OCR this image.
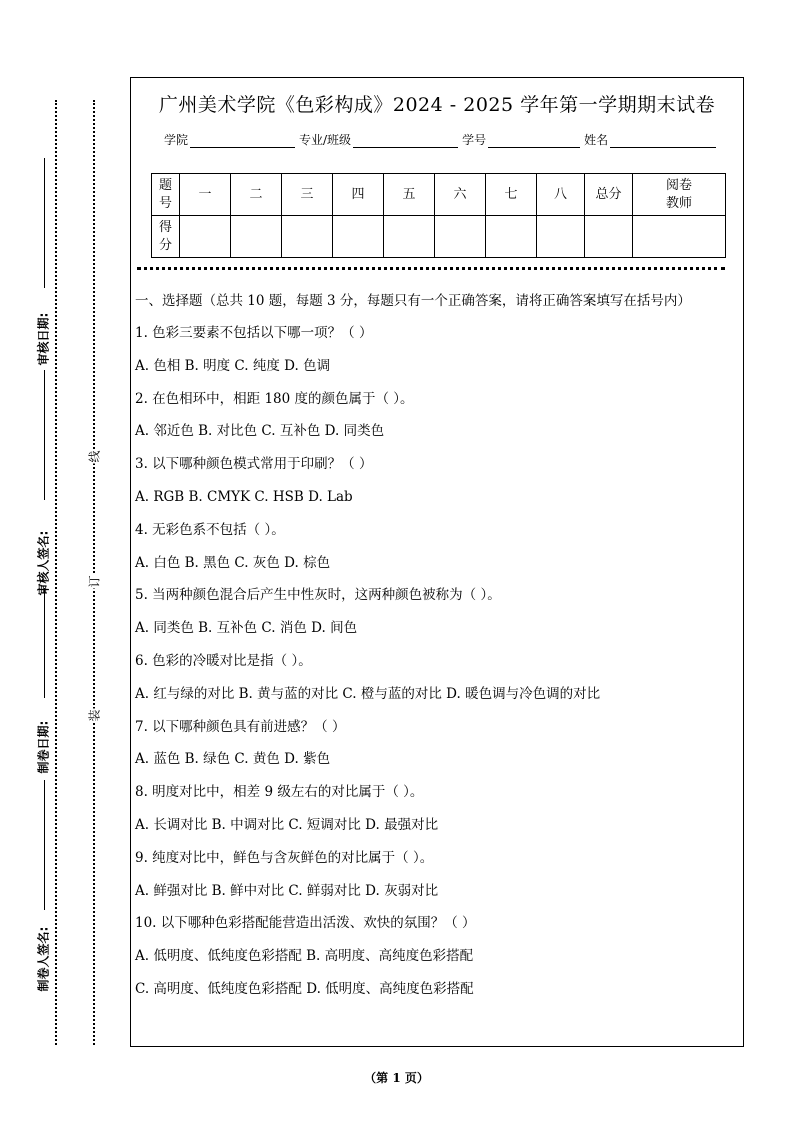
审核日期:
审核人签名:
制卷日期:
制卷人签名:
线
订
装
广州美术学院《色彩构成》2024 - 2025 学年第一学期期末试卷
学院	专业/班级	学号	姓名
题
号	一	二	三	四	五	六	七	八	总分	阅卷
教师
得
分										
一、选择题（总共 10 题，每题 3 分，每题只有一个正确答案，请将正确答案填写在括号内）
1. 色彩三要素不包括以下哪一项？（ ）
A. 色相 B. 明度 C. 纯度 D. 色调
2. 在色相环中，相距 180 度的颜色属于（ ）。
A. 邻近色 B. 对比色 C. 互补色 D. 同类色
3. 以下哪种颜色模式常用于印刷？（ ）
A. RGB B. CMYK C. HSB D. Lab
4. 无彩色系不包括（ ）。
A. 白色 B. 黑色 C. 灰色 D. 棕色
5. 当两种颜色混合后产生中性灰时，这两种颜色被称为（ ）。
A. 同类色 B. 互补色 C. 消色 D. 间色
6. 色彩的冷暖对比是指（ ）。
A. 红与绿的对比 B. 黄与蓝的对比 C. 橙与蓝的对比 D. 暖色调与冷色调的对比
7. 以下哪种颜色具有前进感？（ ）
A. 蓝色 B. 绿色 C. 黄色 D. 紫色
8. 明度对比中，相差 9 级左右的对比属于（ ）。
A. 长调对比 B. 中调对比 C. 短调对比 D. 最强对比
9. 纯度对比中，鲜色与含灰鲜色的对比属于（ ）。
A. 鲜强对比 B. 鲜中对比 C. 鲜弱对比 D. 灰弱对比
10. 以下哪种色彩搭配能营造出活泼、欢快的氛围？（ ）
A. 低明度、低纯度色彩搭配 B. 高明度、高纯度色彩搭配
C. 高明度、低纯度色彩搭配 D. 低明度、高纯度色彩搭配
（第 1 页）
